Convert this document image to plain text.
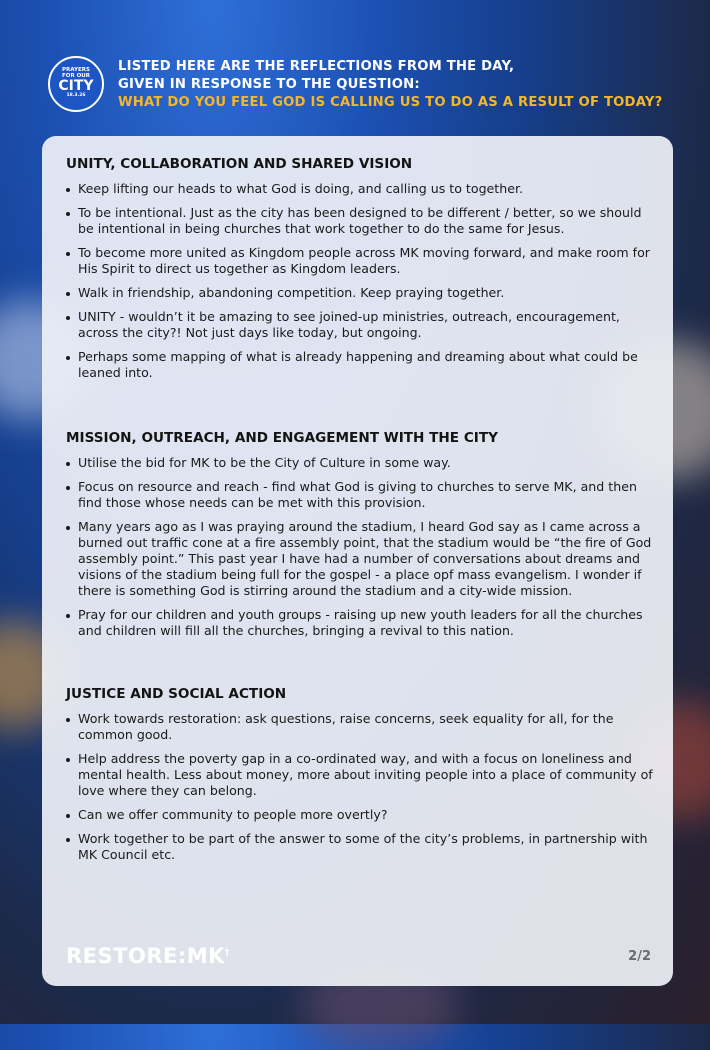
PRAYERS
FOR OUR
CITY
18.3.26
LISTED HERE ARE THE REFLECTIONS FROM THE DAY,
GIVEN IN RESPONSE TO THE QUESTION:
WHAT DO YOU FEEL GOD IS CALLING US TO DO AS A RESULT OF TODAY?
UNITY, COLLABORATION AND SHARED VISION
Keep lifting our heads to what God is doing, and calling us to together.
To be intentional. Just as the city has been designed to be different / better, so we should be intentional in being churches that work together to do the same for Jesus.
To become more united as Kingdom people across MK moving forward, and make room for His Spirit to direct us together as Kingdom leaders.
Walk in friendship, abandoning competition. Keep praying together.
UNITY - wouldn’t it be amazing to see joined-up ministries, outreach, encouragement, across the city?! Not just days like today, but ongoing.
Perhaps some mapping of what is already happening and dreaming about what could be leaned into.
MISSION, OUTREACH, AND ENGAGEMENT WITH THE CITY
Utilise the bid for MK to be the City of Culture in some way.
Focus on resource and reach - find what God is giving to churches to serve MK, and then find those whose needs can be met with this provision.
Many years ago as I was praying around the stadium, I heard God say as I came across a burned out traffic cone at a fire assembly point, that the stadium would be “the fire of God assembly point.” This past year I have had a number of conversations about dreams and visions of the stadium being full for the gospel - a place opf mass evangelism. I wonder if there is something God is stirring around the stadium and a city-wide mission.
Pray for our children and youth groups - raising up new youth leaders for all the churches and children will fill all the churches, bringing a revival to this nation.
JUSTICE AND SOCIAL ACTION
Work towards restoration: ask questions, raise concerns, seek equality for all, for the common good.
Help address the poverty gap in a co-ordinated way, and with a focus on loneliness and mental health. Less about money, more about inviting people into a place of community of love where they can belong.
Can we offer community to people more overtly?
Work together to be part of the answer to some of the city’s problems, in partnership with MK Council etc.
RESTORE:MK†	2/2
